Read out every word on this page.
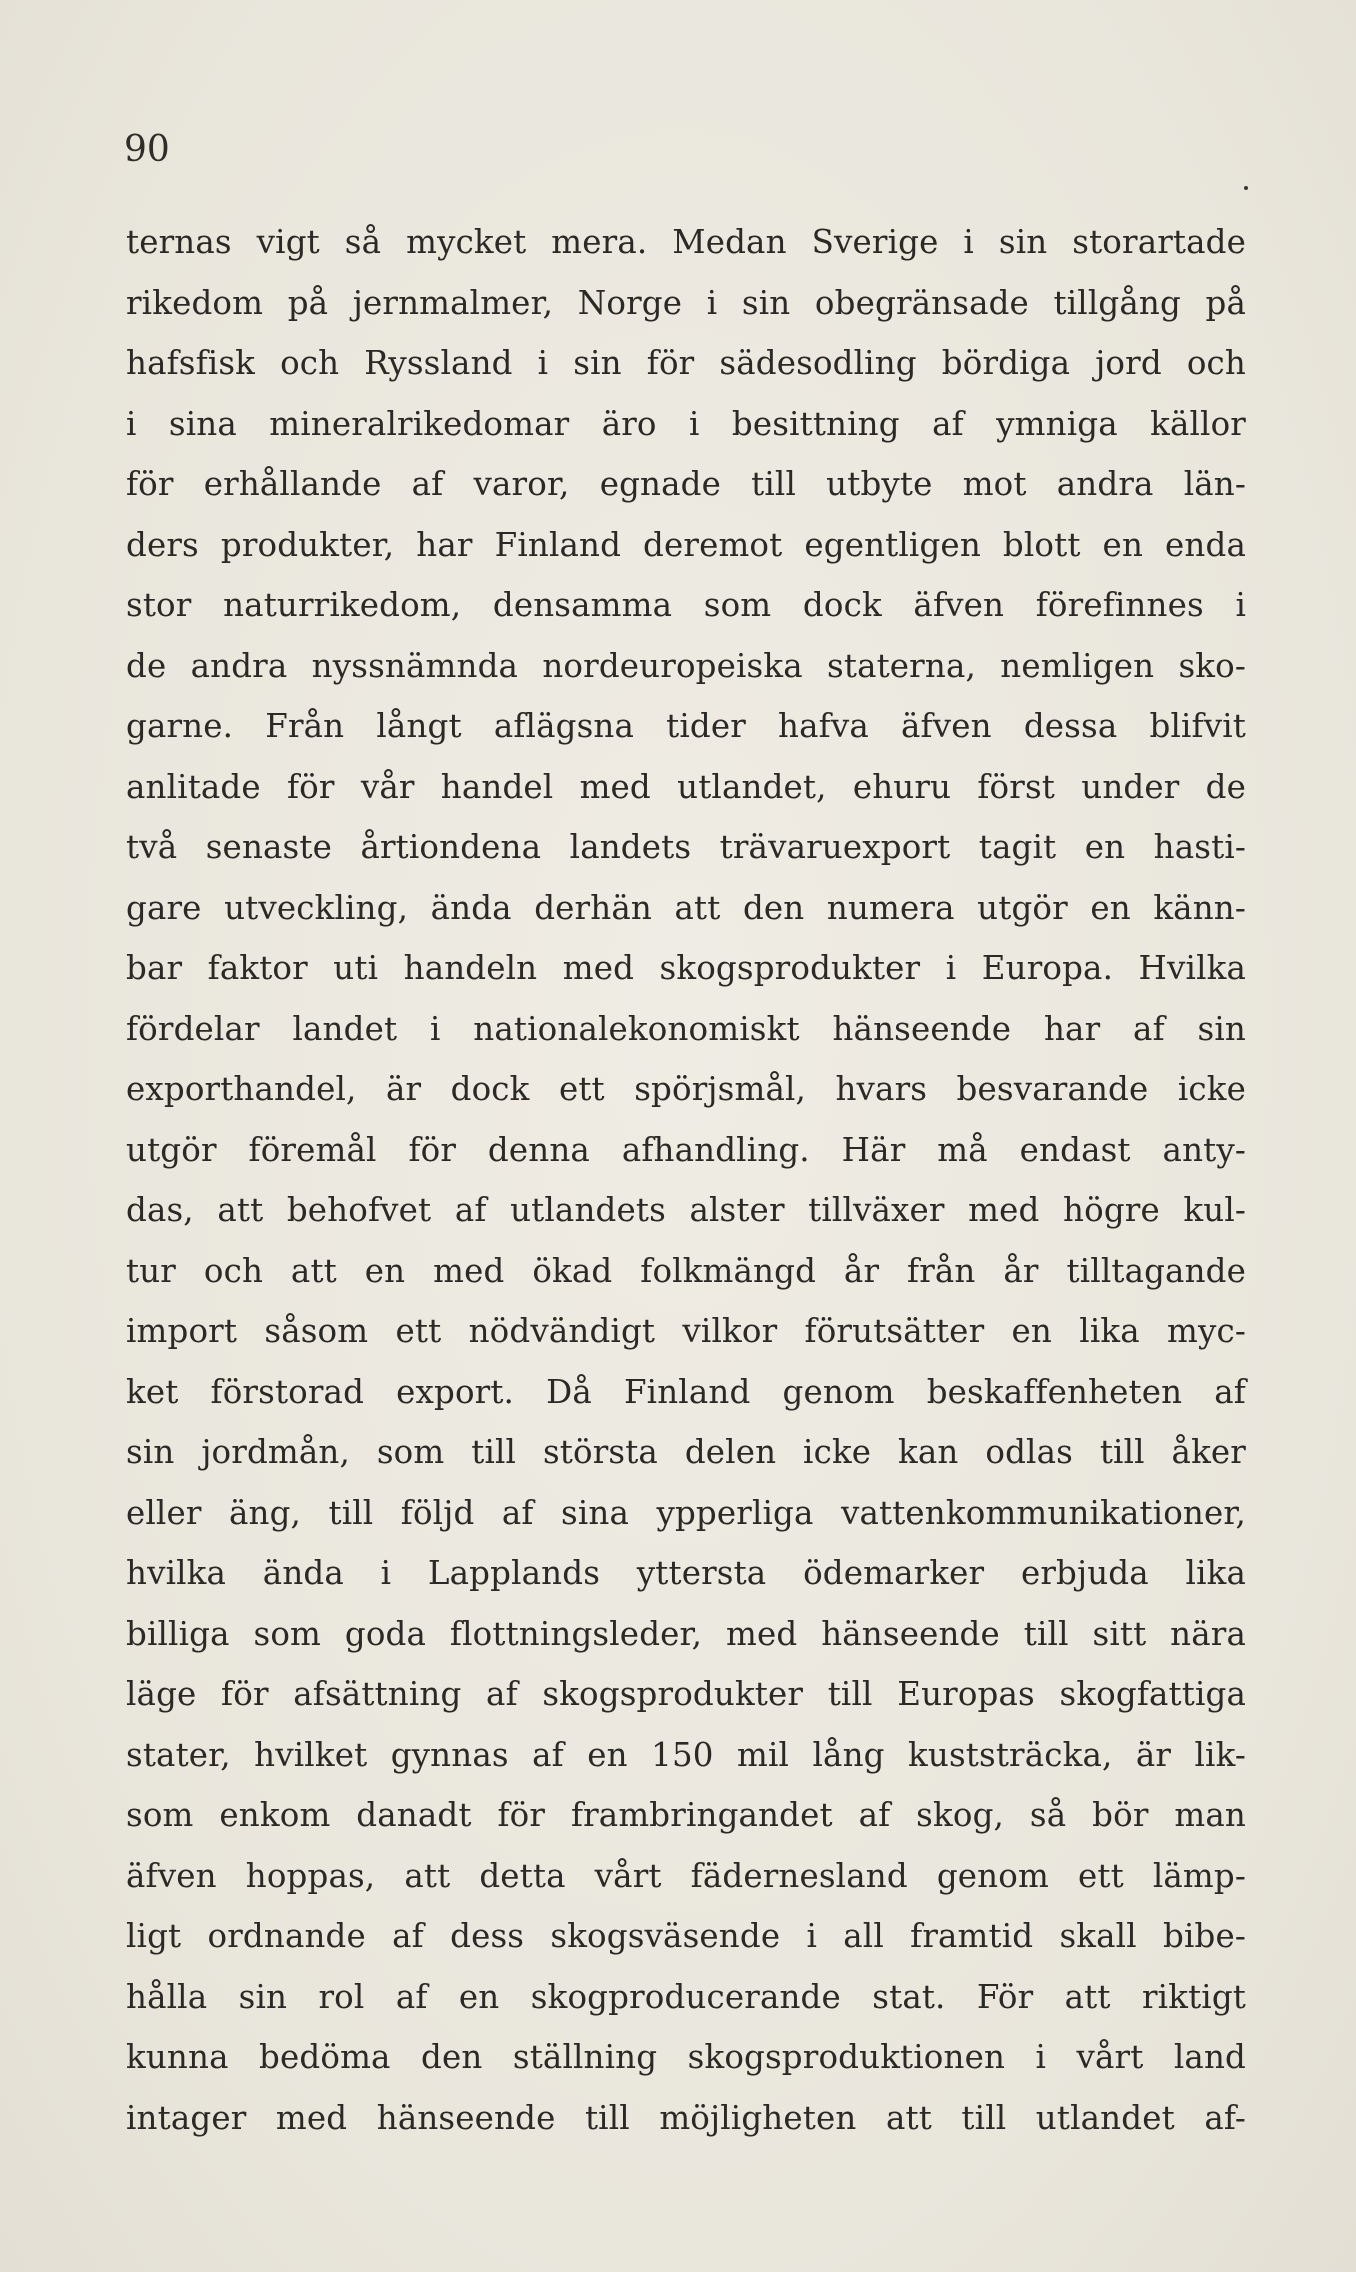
90
ternas vigt så mycket mera. Medan Sverige i sin storartade
rikedom på jernmalmer, Norge i sin obegränsade tillgång på
hafsfisk och Ryssland i sin för sädesodling bördiga jord och
i sina mineralrikedomar äro i besittning af ymniga källor
för erhållande af varor, egnade till utbyte mot andra län-
ders produkter, har Finland deremot egentligen blott en enda
stor naturrikedom, densamma som dock äfven förefinnes i
de andra nyssnämnda nordeuropeiska staterna, nemligen sko-
garne. Från långt aflägsna tider hafva äfven dessa blifvit
anlitade för vår handel med utlandet, ehuru först under de
två senaste årtiondena landets trävaruexport tagit en hasti-
gare utveckling, ända derhän att den numera utgör en känn-
bar faktor uti handeln med skogsprodukter i Europa. Hvilka
fördelar landet i nationalekonomiskt hänseende har af sin
exporthandel, är dock ett spörjsmål, hvars besvarande icke
utgör föremål för denna afhandling. Här må endast anty-
das, att behofvet af utlandets alster tillväxer med högre kul-
tur och att en med ökad folkmängd år från år tilltagande
import såsom ett nödvändigt vilkor förutsätter en lika myc-
ket förstorad export. Då Finland genom beskaffenheten af
sin jordmån, som till största delen icke kan odlas till åker
eller äng, till följd af sina ypperliga vattenkommunikationer,
hvilka ända i Lapplands yttersta ödemarker erbjuda lika
billiga som goda flottningsleder, med hänseende till sitt nära
läge för afsättning af skogsprodukter till Europas skogfattiga
stater, hvilket gynnas af en 150 mil lång kuststräcka, är lik-
som enkom danadt för frambringandet af skog, så bör man
äfven hoppas, att detta vårt fädernesland genom ett lämp-
ligt ordnande af dess skogsväsende i all framtid skall bibe-
hålla sin rol af en skogproducerande stat. För att riktigt
kunna bedöma den ställning skogsproduktionen i vårt land
intager med hänseende till möjligheten att till utlandet af-
